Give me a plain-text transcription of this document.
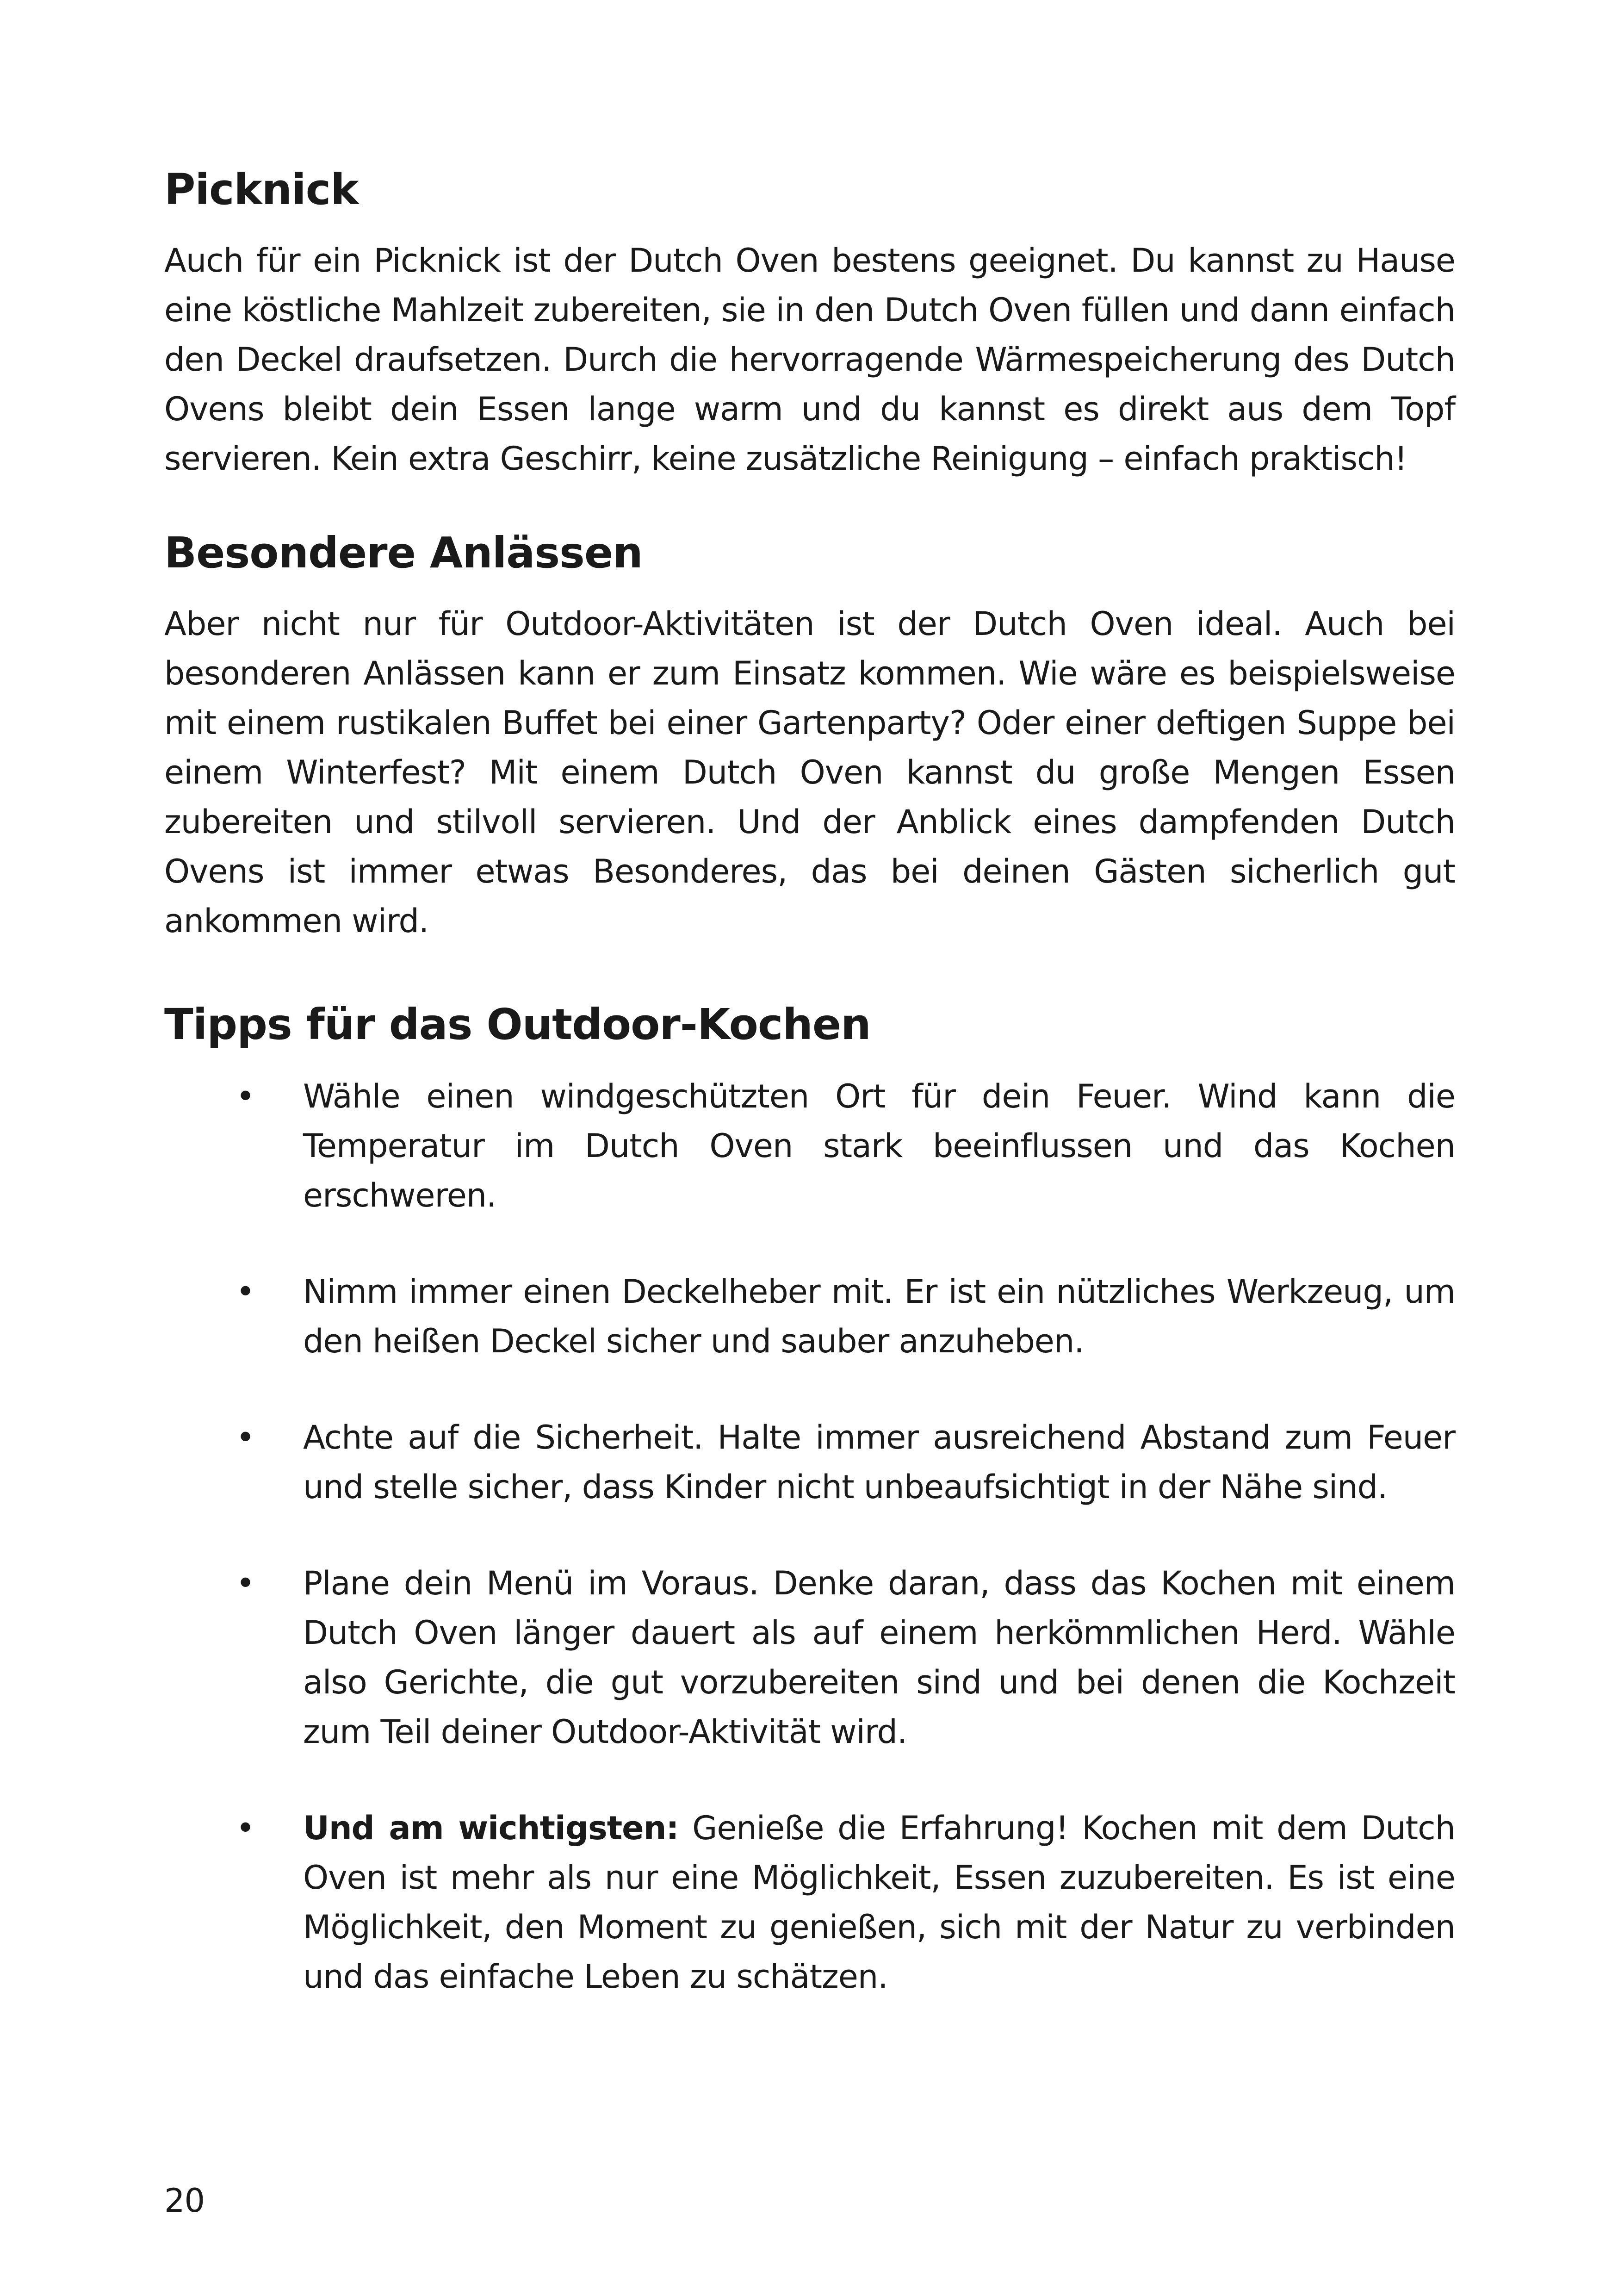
Picknick

Auch für ein Picknick ist der Dutch Oven bestens geeignet. Du kannst zu Hause eine köstliche Mahlzeit zubereiten, sie in den Dutch Oven füllen und dann einfach den Deckel draufsetzen. Durch die hervorragende Wärmespeicherung des Dutch Ovens bleibt dein Essen lange warm und du kannst es direkt aus dem Topf servieren. Kein extra Geschirr, keine zusätzliche Reinigung – einfach praktisch!

Besondere Anlässen

Aber nicht nur für Outdoor-Aktivitäten ist der Dutch Oven ideal. Auch bei besonderen Anlässen kann er zum Einsatz kommen. Wie wäre es beispielsweise mit einem rustikalen Buffet bei einer Gartenparty? Oder einer deftigen Suppe bei einem Winterfest? Mit einem Dutch Oven kannst du große Mengen Essen zubereiten und stilvoll servieren. Und der Anblick eines dampfenden Dutch Ovens ist immer etwas Besonderes, das bei deinen Gästen sicherlich gut ankommen wird.

Tipps für das Outdoor-Kochen
• Wähle einen windgeschützten Ort für dein Feuer. Wind kann die Temperatur im Dutch Oven stark beeinflussen und das Kochen erschweren.
• Nimm immer einen Deckelheber mit. Er ist ein nützliches Werkzeug, um den heißen Deckel sicher und sauber anzuheben.
• Achte auf die Sicherheit. Halte immer ausreichend Abstand zum Feuer und stelle sicher, dass Kinder nicht unbeaufsichtigt in der Nähe sind.
• Plane dein Menü im Voraus. Denke daran, dass das Kochen mit einem Dutch Oven länger dauert als auf einem herkömmlichen Herd. Wähle also Gerichte, die gut vorzubereiten sind und bei denen die Kochzeit zum Teil deiner Outdoor-Aktivität wird.
• Und am wichtigsten: Genieße die Erfahrung! Kochen mit dem Dutch Oven ist mehr als nur eine Möglichkeit, Essen zuzubereiten. Es ist eine Möglichkeit, den Moment zu genießen, sich mit der Natur zu verbinden und das einfache Leben zu schätzen.
20
